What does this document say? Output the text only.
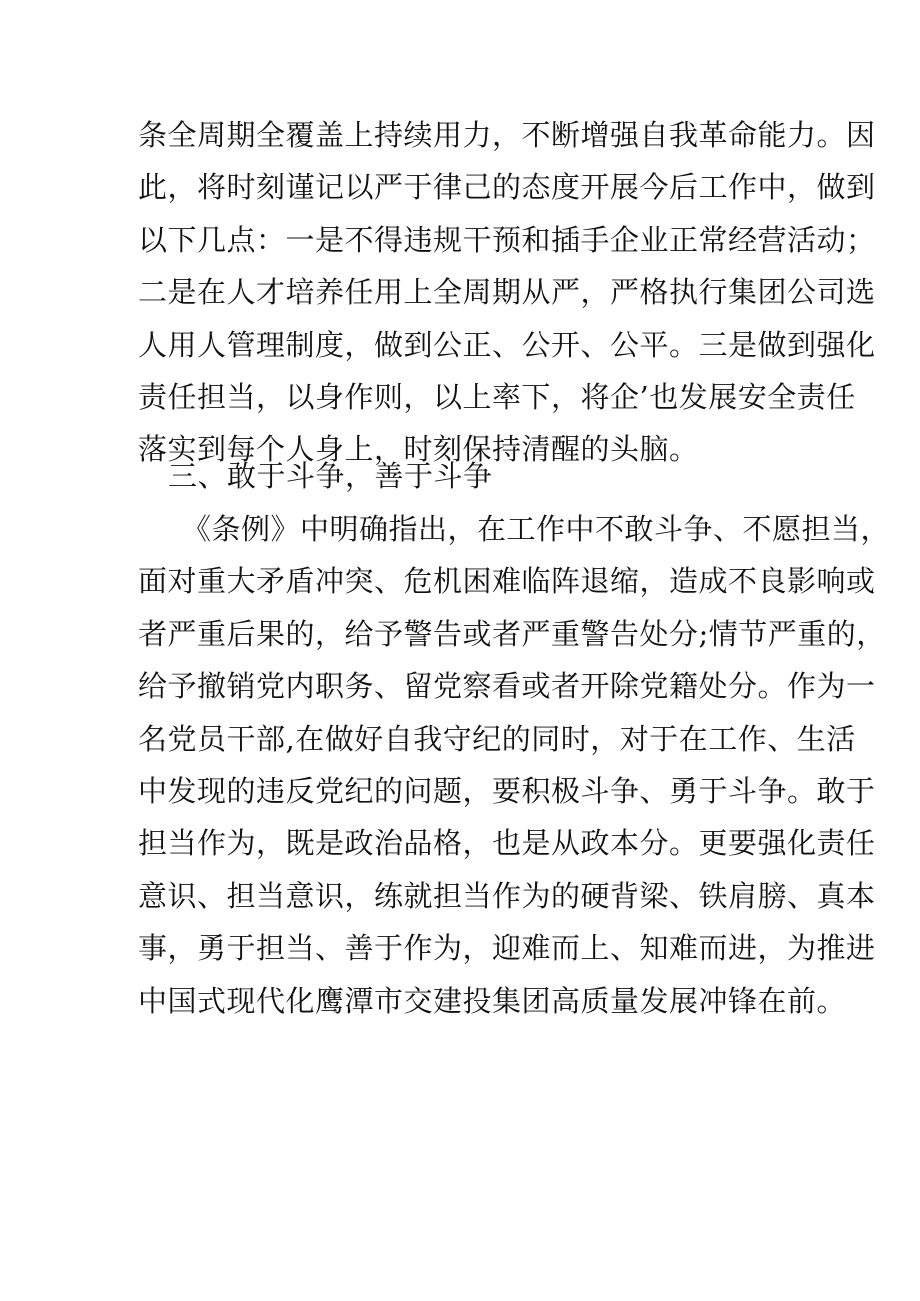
条全周期全覆盖上持续用力，不断增强自我革命能力。因
此，将时刻谨记以严于律己的态度开展今后工作中，做到
以下几点：一是不得违规干预和插手企业正常经营活动；
二是在人才培养任用上全周期从严，严格执行集团公司选
人用人管理制度，做到公正、公开、公平。三是做到强化
责任担当，以身作则，以上率下，将企’也发展安全责任
落实到每个人身上，时刻保持清醒的头脑。
三、敢于斗争，善于斗争
《条例》中明确指出，在工作中不敢斗争、不愿担当，
面对重大矛盾冲突、危机困难临阵退缩，造成不良影响或
者严重后果的，给予警告或者严重警告处分;情节严重的，
给予撤销党内职务、留党察看或者开除党籍处分。作为一
名党员干部,在做好自我守纪的同时，对于在工作、生活
中发现的违反党纪的问题，要积极斗争、勇于斗争。敢于
担当作为，既是政治品格，也是从政本分。更要强化责任
意识、担当意识，练就担当作为的硬背梁、铁肩膀、真本
事，勇于担当、善于作为，迎难而上、知难而进，为推进
中国式现代化鹰潭市交建投集团高质量发展冲锋在前。
